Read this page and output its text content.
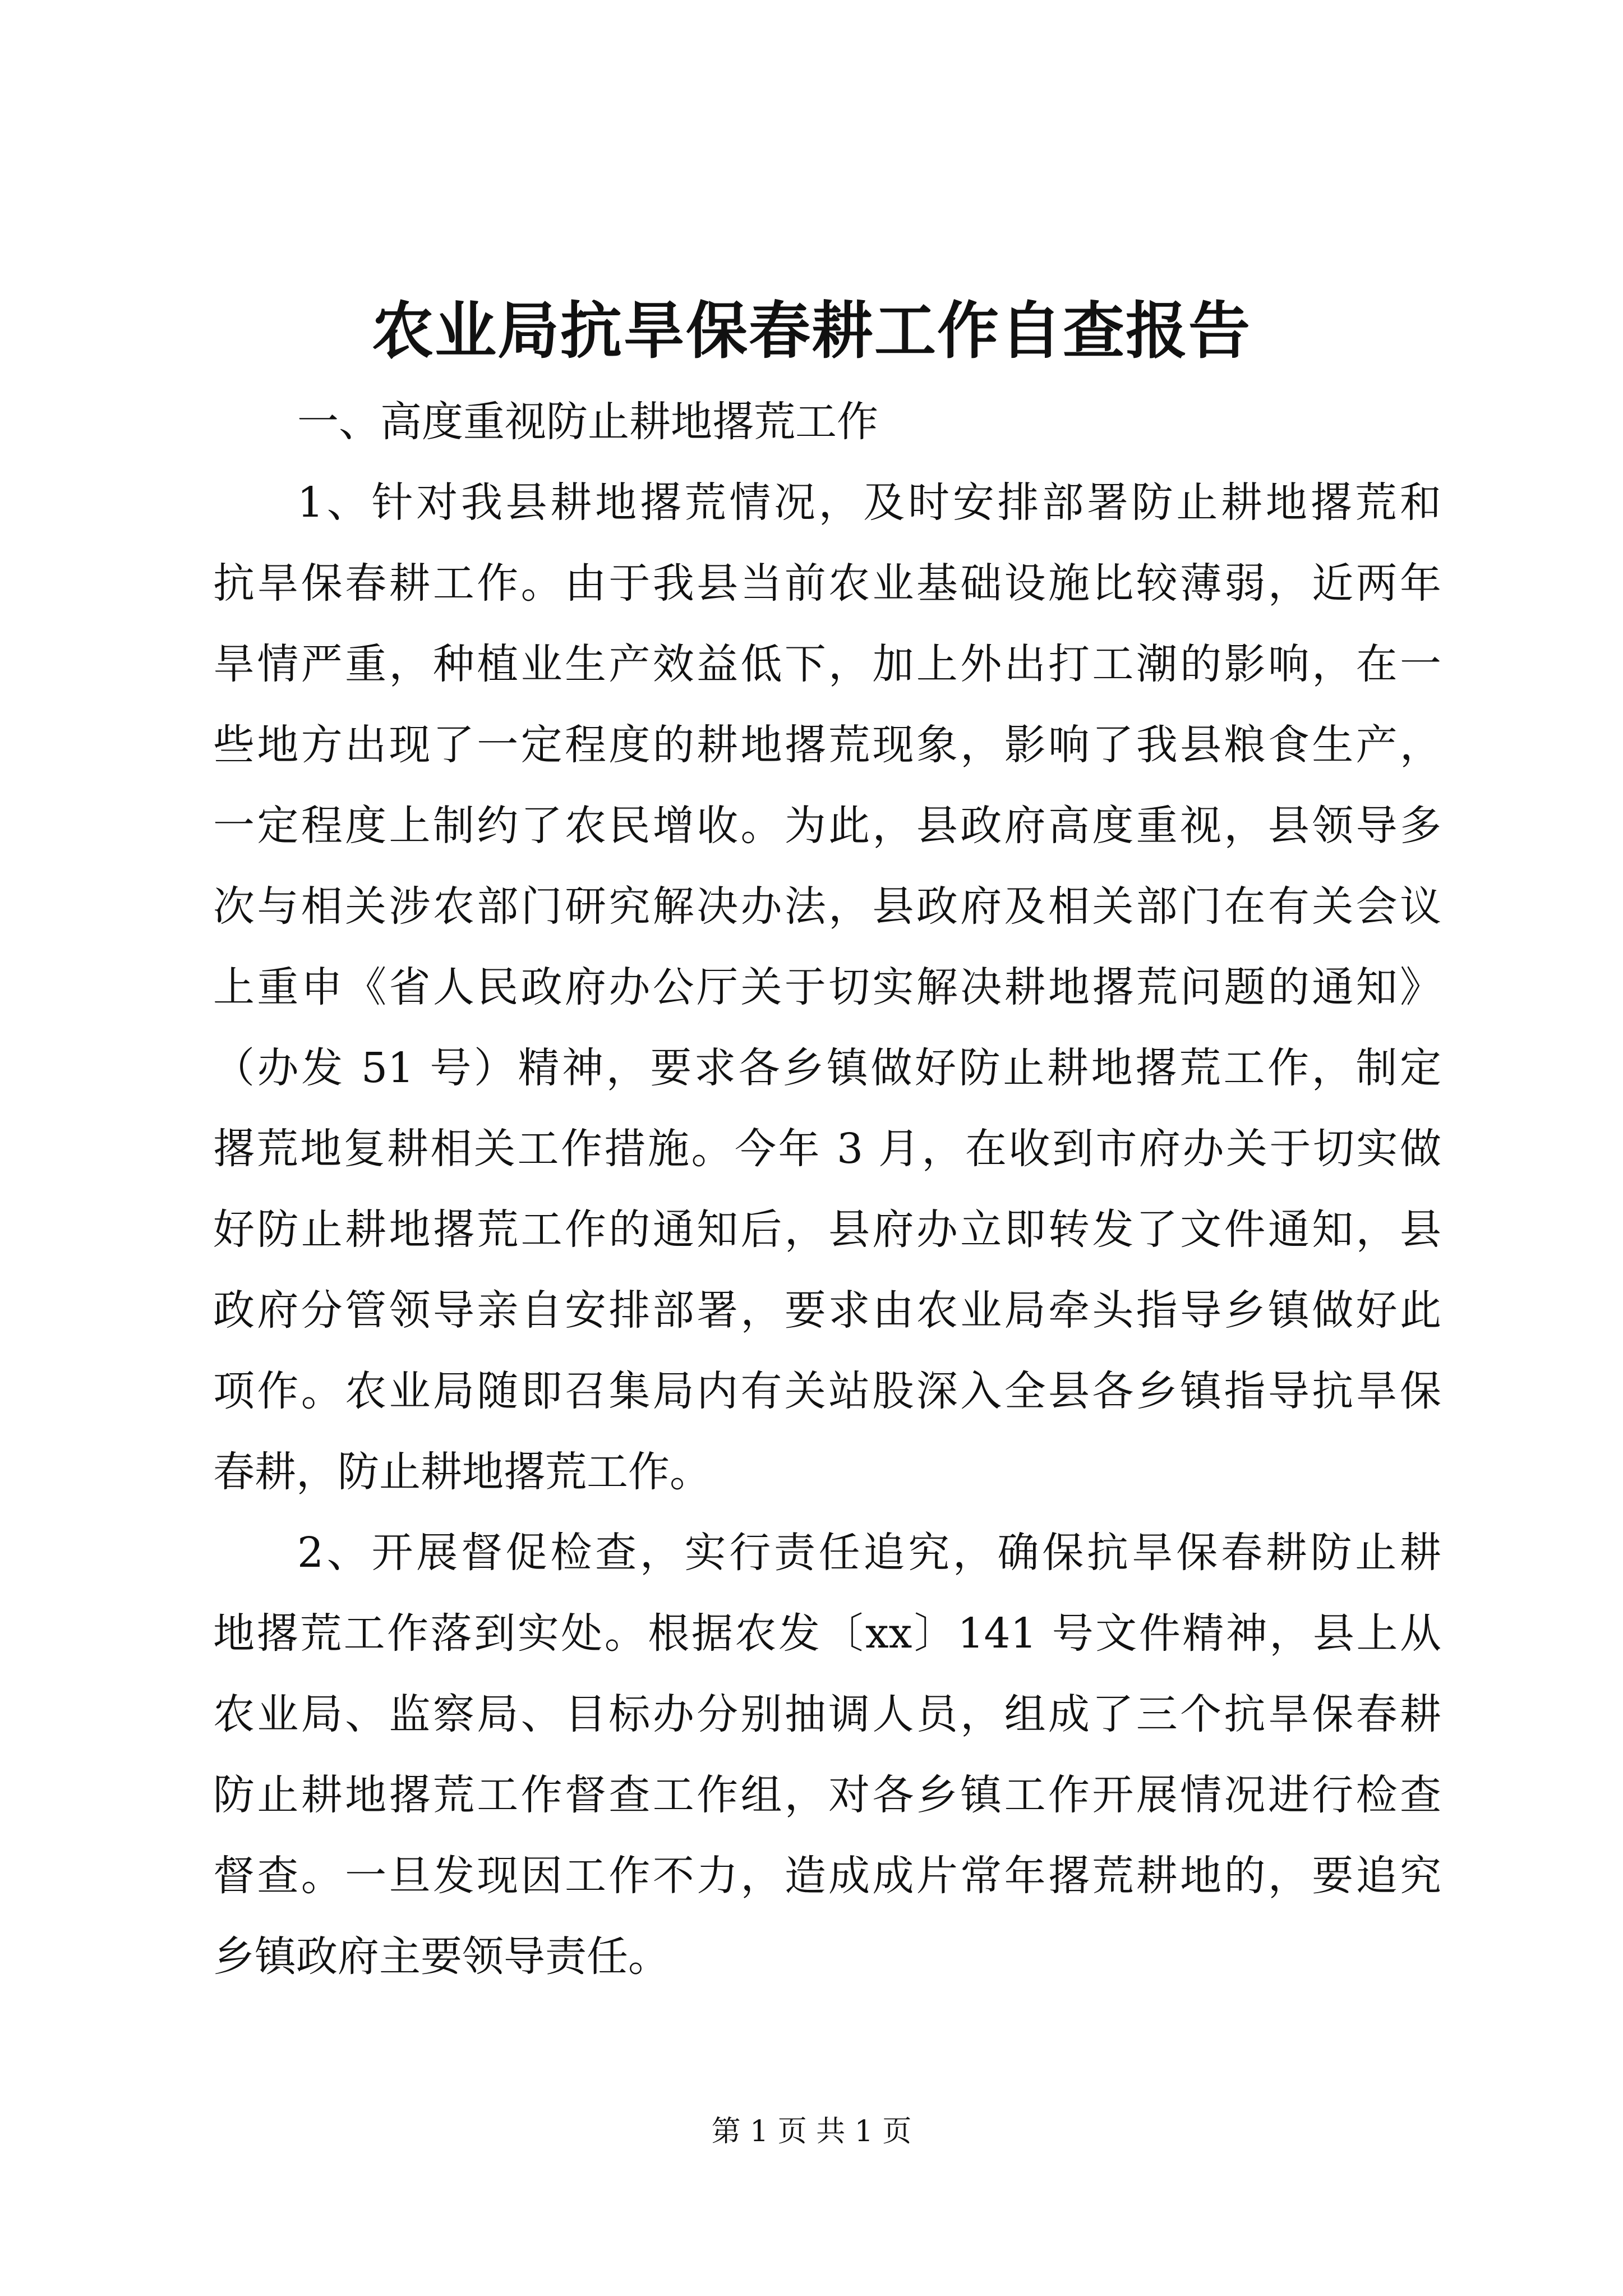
农业局抗旱保春耕工作自查报告
一、高度重视防止耕地撂荒工作
1、针对我县耕地撂荒情况，及时安排部署防止耕地撂荒和
抗旱保春耕工作。由于我县当前农业基础设施比较薄弱，近两年
旱情严重，种植业生产效益低下，加上外出打工潮的影响，在一
些地方出现了一定程度的耕地撂荒现象，影响了我县粮食生产，
一定程度上制约了农民增收。为此，县政府高度重视，县领导多
次与相关涉农部门研究解决办法，县政府及相关部门在有关会议
上重申《省人民政府办公厅关于切实解决耕地撂荒问题的通知》
（办发 51 号）精神，要求各乡镇做好防止耕地撂荒工作，制定
撂荒地复耕相关工作措施。今年 3 月，在收到市府办关于切实做
好防止耕地撂荒工作的通知后，县府办立即转发了文件通知，县
政府分管领导亲自安排部署，要求由农业局牵头指导乡镇做好此
项作。农业局随即召集局内有关站股深入全县各乡镇指导抗旱保
春耕，防止耕地撂荒工作。
2、开展督促检查，实行责任追究，确保抗旱保春耕防止耕
地撂荒工作落到实处。根据农发〔xx〕141 号文件精神，县上从
农业局、监察局、目标办分别抽调人员，组成了三个抗旱保春耕
防止耕地撂荒工作督查工作组，对各乡镇工作开展情况进行检查
督查。一旦发现因工作不力，造成成片常年撂荒耕地的，要追究
乡镇政府主要领导责任。
第 1 页 共 1 页
